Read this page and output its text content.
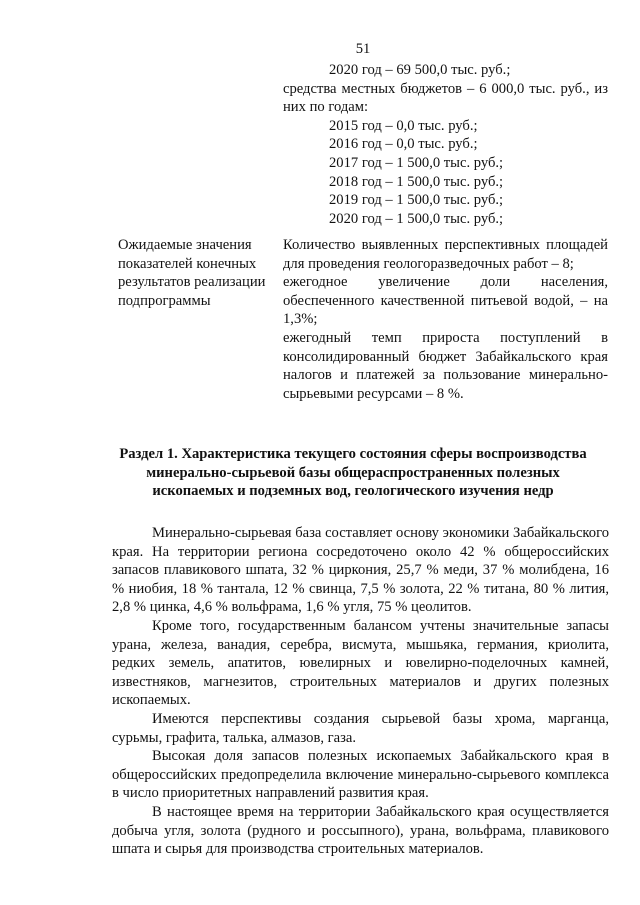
51
2020 год – 69 500,0 тыс. руб.;
средства местных бюджетов – 6 000,0 тыс. руб., из них по годам:
2015 год – 0,0 тыс. руб.;
2016 год – 0,0 тыс. руб.;
2017 год – 1 500,0 тыс. руб.;
2018 год – 1 500,0 тыс. руб.;
2019 год – 1 500,0 тыс. руб.;
2020 год – 1 500,0 тыс. руб.;
Ожидаемые значения
показателей конечных
результатов реализации
подпрограммы

Количество выявленных перспективных площадей для проведения геологоразведочных работ – 8;

ежегодное увеличение доли населения, обеспеченного качественной питьевой водой, – на 1,3%;

ежегодный темп прироста поступлений в консолидированный бюджет Забайкальского края налогов и платежей за пользование минерально-сырьевыми ресурсами – 8 %.

Раздел 1. Характеристика текущего состояния сферы воспроизводства
минерально-сырьевой базы общераспространенных полезных
ископаемых и подземных вод, геологического изучения недр

Минерально-сырьевая база составляет основу экономики Забайкальского края. На территории региона сосредоточено около 42 % общероссийских запасов плавикового шпата, 32 % циркония, 25,7 % меди, 37 % молибдена, 16 % ниобия, 18 % тантала, 12 % свинца, 7,5 % золота, 22 % титана, 80 % лития, 2,8 % цинка, 4,6 % вольфрама, 1,6 % угля, 75 % цеолитов.

Кроме того, государственным балансом учтены значительные запасы урана, железа, ванадия, серебра, висмута, мышьяка, германия, криолита, редких земель, апатитов, ювелирных и ювелирно-поделочных камней, известняков, магнезитов, строительных материалов и других полезных ископаемых.

Имеются перспективы создания сырьевой базы хрома, марганца, сурьмы, графита, талька, алмазов, газа.

Высокая доля запасов полезных ископаемых Забайкальского края в общероссийских предопределила включение минерально-сырьевого комплекса в число приоритетных направлений развития края.

В настоящее время на территории Забайкальского края осуществляется добыча угля, золота (рудного и россыпного), урана, вольфрама, плавикового шпата и сырья для производства строительных материалов.
